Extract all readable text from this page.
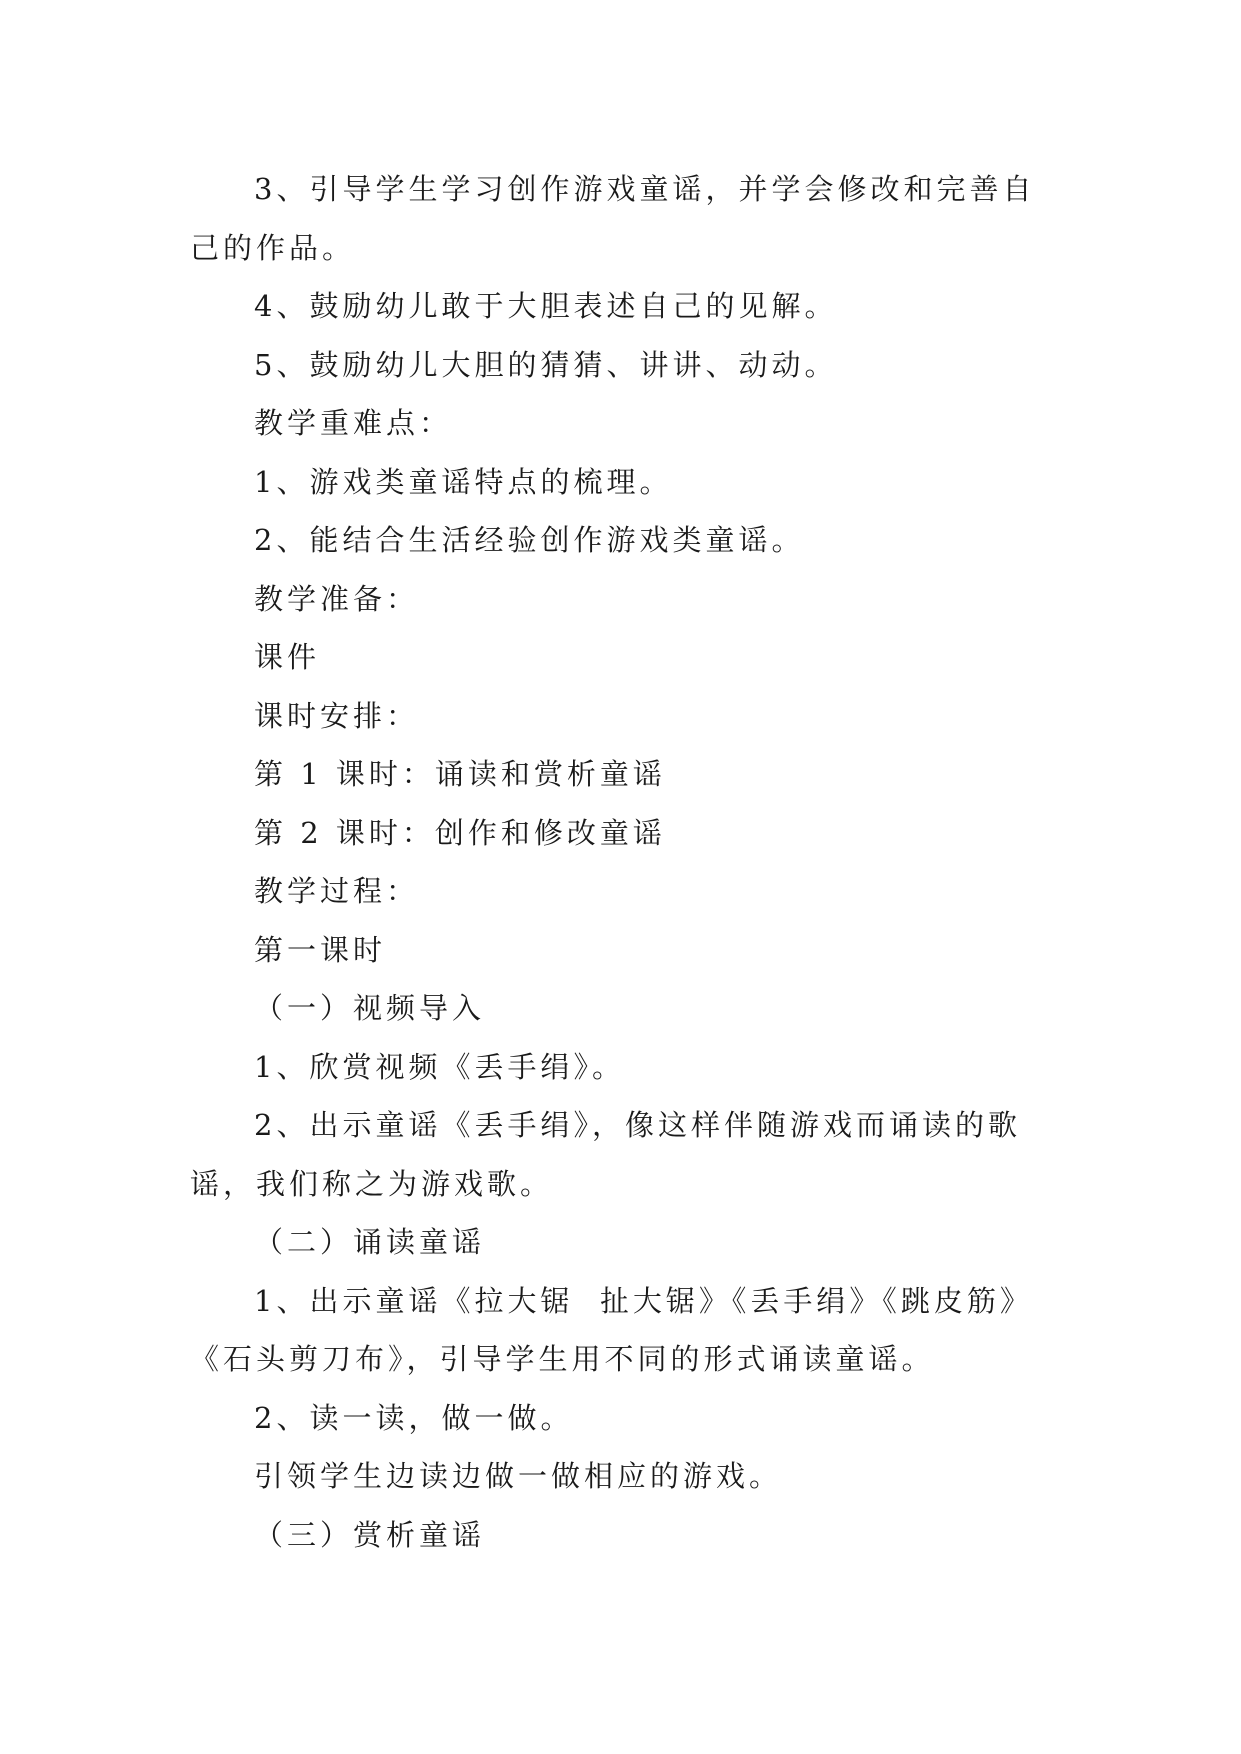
3、引导学生学习创作游戏童谣，并学会修改和完善自己的作品。

4、鼓励幼儿敢于大胆表述自己的见解。

5、鼓励幼儿大胆的猜猜、讲讲、动动。

教学重难点：

1、游戏类童谣特点的梳理。

2、能结合生活经验创作游戏类童谣。

教学准备：

课件

课时安排：

第 1 课时：诵读和赏析童谣

第 2 课时：创作和修改童谣

教学过程：

第一课时

（一）视频导入

1、欣赏视频《丢手绢》。

2、出示童谣《丢手绢》，像这样伴随游戏而诵读的歌谣，我们称之为游戏歌。

（二）诵读童谣

1、出示童谣《拉大锯  扯大锯》《丢手绢》《跳皮筋》《石头剪刀布》，引导学生用不同的形式诵读童谣。

2、读一读，做一做。

引领学生边读边做一做相应的游戏。

（三）赏析童谣
